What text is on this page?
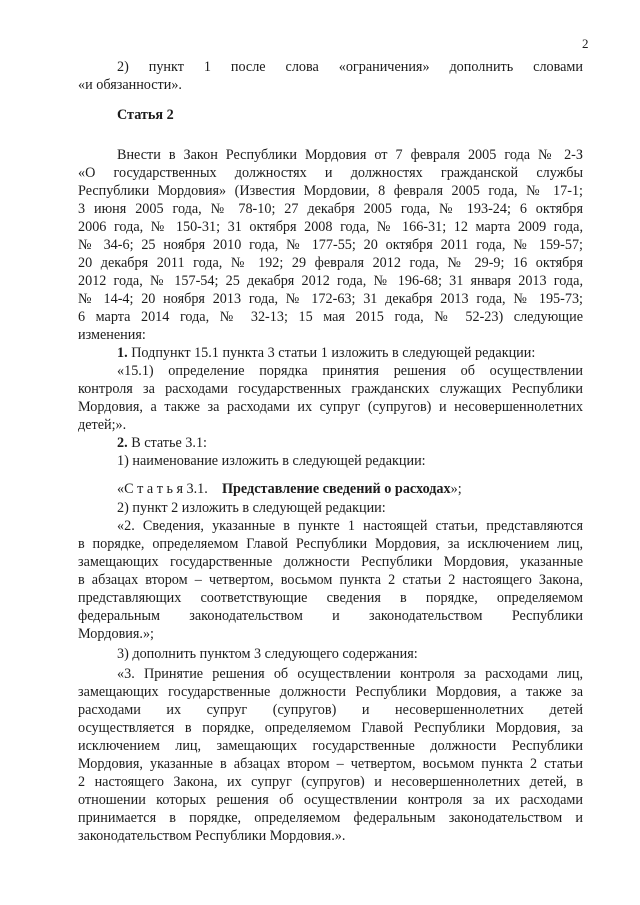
2
2) пункт 1 после слова «ограничения» дополнить словами
«и обязанности».
Статья 2
Внести в Закон Республики Мордовия от 7 февраля 2005 года № 2-З
«О государственных должностях и должностях гражданской службы
Республики Мордовия» (Известия Мордовии, 8 февраля 2005 года, № 17-1;
3 июня 2005 года, № 78-10; 27 декабря 2005 года, № 193-24; 6 октября
2006 года, № 150-31; 31 октября 2008 года, № 166-31; 12 марта 2009 года,
№ 34-6; 25 ноября 2010 года, № 177-55; 20 октября 2011 года, № 159-57;
20 декабря 2011 года, № 192; 29 февраля 2012 года, № 29-9; 16 октября
2012 года, № 157-54; 25 декабря 2012 года, № 196-68; 31 января 2013 года,
№ 14-4; 20 ноября 2013 года, № 172-63; 31 декабря 2013 года, № 195-73;
6 марта 2014 года, № 32-13; 15 мая 2015 года, № 52-23) следующие
изменения:
1. Подпункт 15.1 пункта 3 статьи 1 изложить в следующей редакции:
«15.1) определение порядка принятия решения об осуществлении
контроля за расходами государственных гражданских служащих Республики
Мордовия, а также за расходами их супруг (супругов) и несовершеннолетних
детей;».
2. В статье 3.1:
1) наименование изложить в следующей редакции:
«С т а т ь я 3.1. Представление сведений о расходах»;
2) пункт 2 изложить в следующей редакции:
«2. Сведения, указанные в пункте 1 настоящей статьи, представляются
в порядке, определяемом Главой Республики Мордовия, за исключением лиц,
замещающих государственные должности Республики Мордовия, указанные
в абзацах втором – четвертом, восьмом пункта 2 статьи 2 настоящего Закона,
представляющих соответствующие сведения в порядке, определяемом
федеральным законодательством и законодательством Республики
Мордовия.»;
3) дополнить пунктом 3 следующего содержания:
«3. Принятие решения об осуществлении контроля за расходами лиц,
замещающих государственные должности Республики Мордовия, а также за
расходами их супруг (супругов) и несовершеннолетних детей
осуществляется в порядке, определяемом Главой Республики Мордовия, за
исключением лиц, замещающих государственные должности Республики
Мордовия, указанные в абзацах втором – четвертом, восьмом пункта 2 статьи
2 настоящего Закона, их супруг (супругов) и несовершеннолетних детей, в
отношении которых решения об осуществлении контроля за их расходами
принимается в порядке, определяемом федеральным законодательством и
законодательством Республики Мордовия.».
